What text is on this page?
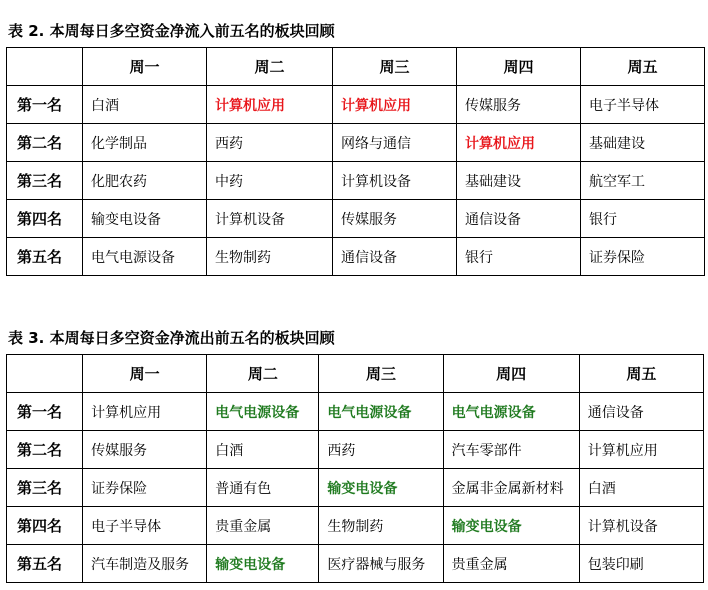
表 2. 本周每日多空资金净流入前五名的板块回顾
	周一	周二	周三	周四	周五
第一名	白酒	计算机应用	计算机应用	传媒服务	电子半导体
第二名	化学制品	西药	网络与通信	计算机应用	基础建设
第三名	化肥农药	中药	计算机设备	基础建设	航空军工
第四名	输变电设备	计算机设备	传媒服务	通信设备	银行
第五名	电气电源设备	生物制药	通信设备	银行	证券保险
表 3. 本周每日多空资金净流出前五名的板块回顾
	周一	周二	周三	周四	周五
第一名	计算机应用	电气电源设备	电气电源设备	电气电源设备	通信设备
第二名	传媒服务	白酒	西药	汽车零部件	计算机应用
第三名	证券保险	普通有色	输变电设备	金属非金属新材料	白酒
第四名	电子半导体	贵重金属	生物制药	输变电设备	计算机设备
第五名	汽车制造及服务	输变电设备	医疗器械与服务	贵重金属	包装印刷
